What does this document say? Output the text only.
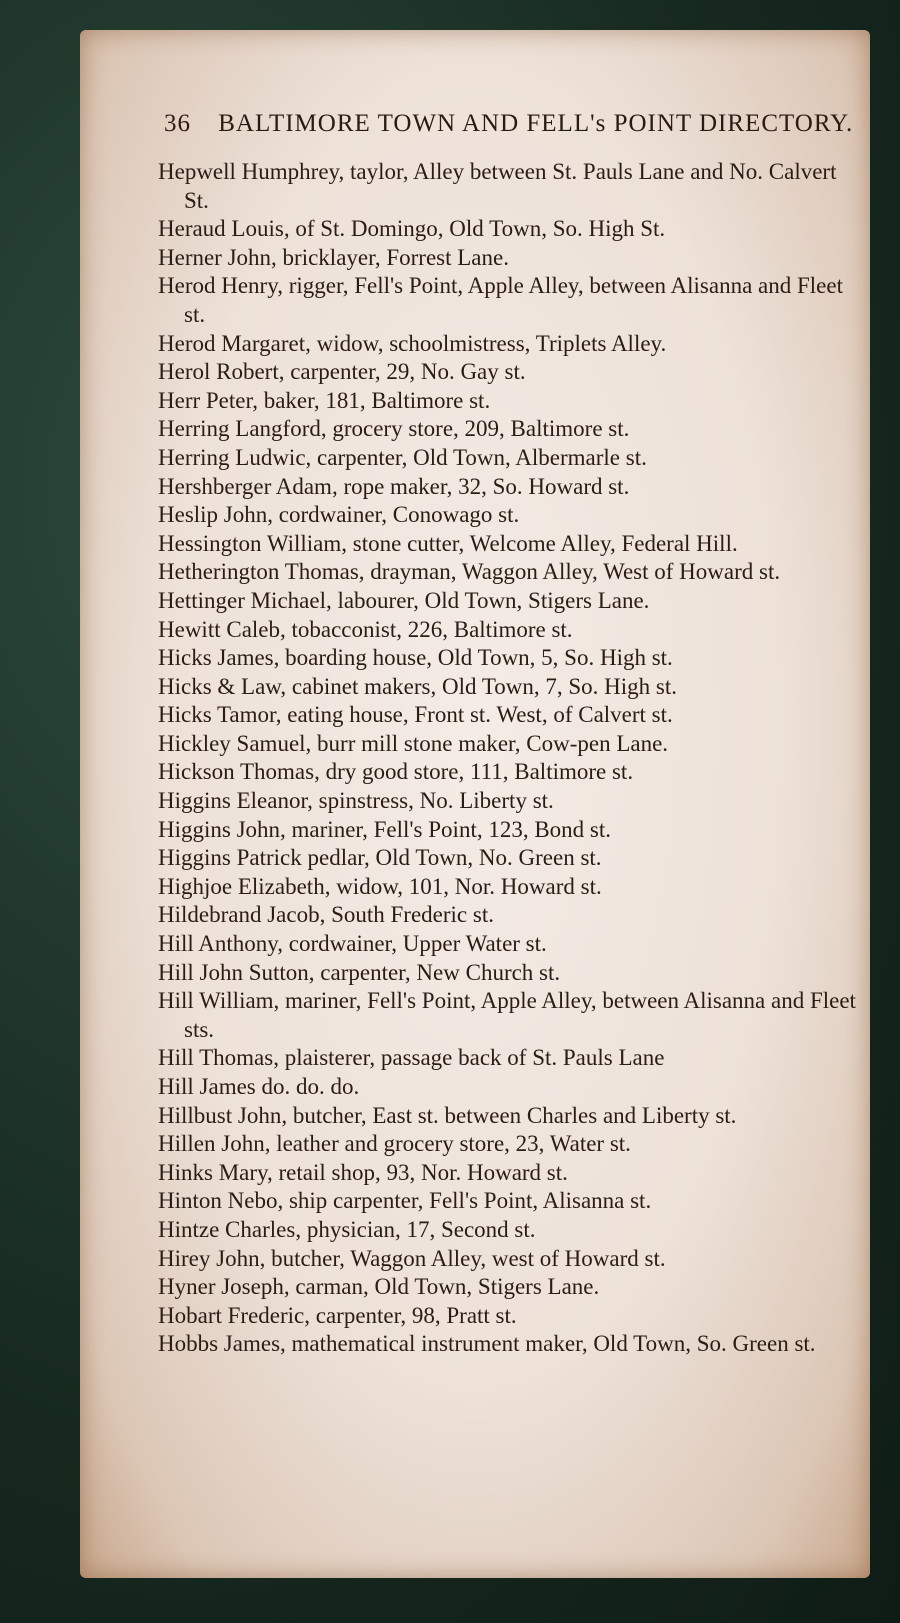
36 BALTIMORE TOWN AND FELL's POINT DIRECTORY.
Hepwell Humphrey, taylor, Alley between St. Pauls Lane and No. Calvert St.
Heraud Louis, of St. Domingo, Old Town, So. High St.
Herner John, bricklayer, Forrest Lane.
Herod Henry, rigger, Fell's Point, Apple Alley, between Alisanna and Fleet st.
Herod Margaret, widow, schoolmistress, Triplets Alley.
Herol Robert, carpenter, 29, No. Gay st.
Herr Peter, baker, 181, Baltimore st.
Herring Langford, grocery store, 209, Baltimore st.
Herring Ludwic, carpenter, Old Town, Albermarle st.
Hershberger Adam, rope maker, 32, So. Howard st.
Heslip John, cordwainer, Conowago st.
Hessington William, stone cutter, Welcome Alley, Federal Hill.
Hetherington Thomas, drayman, Waggon Alley, West of Howard st.
Hettinger Michael, labourer, Old Town, Stigers Lane.
Hewitt Caleb, tobacconist, 226, Baltimore st.
Hicks James, boarding house, Old Town, 5, So. High st.
Hicks & Law, cabinet makers, Old Town, 7, So. High st.
Hicks Tamor, eating house, Front st. West, of Calvert st.
Hickley Samuel, burr mill stone maker, Cow-pen Lane.
Hickson Thomas, dry good store, 111, Baltimore st.
Higgins Eleanor, spinstress, No. Liberty st.
Higgins John, mariner, Fell's Point, 123, Bond st.
Higgins Patrick pedlar, Old Town, No. Green st.
Highjoe Elizabeth, widow, 101, Nor. Howard st.
Hildebrand Jacob, South Frederic st.
Hill Anthony, cordwainer, Upper Water st.
Hill John Sutton, carpenter, New Church st.
Hill William, mariner, Fell's Point, Apple Alley, between Alisanna and Fleet sts.
Hill Thomas, plaisterer, passage back of St. Pauls Lane
Hill James do. do. do.
Hillbust John, butcher, East st. between Charles and Liberty st.
Hillen John, leather and grocery store, 23, Water st.
Hinks Mary, retail shop, 93, Nor. Howard st.
Hinton Nebo, ship carpenter, Fell's Point, Alisanna st.
Hintze Charles, physician, 17, Second st.
Hirey John, butcher, Waggon Alley, west of Howard st.
Hyner Joseph, carman, Old Town, Stigers Lane.
Hobart Frederic, carpenter, 98, Pratt st.
Hobbs James, mathematical instrument maker, Old Town, So. Green st.
